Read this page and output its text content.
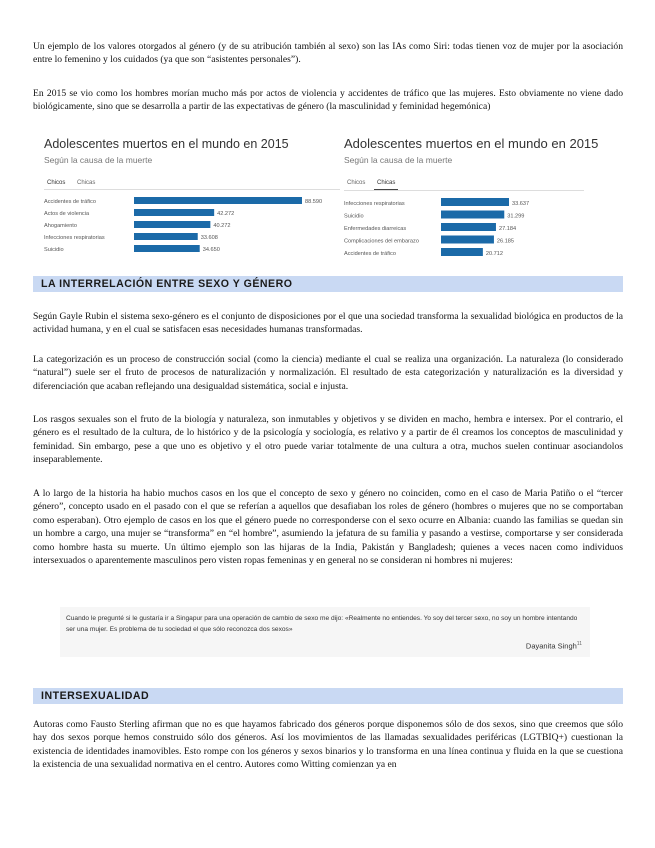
Un ejemplo de los valores otorgados al género (y de su atribución también al sexo) son las IAs como Siri: todas tienen voz de mujer por la asociación entre lo femenino y los cuidados (ya que son “asistentes personales”).

En 2015 se vio como los hombres morían mucho más por actos de violencia y accidentes de tráfico que las mujeres. Esto obviamente no viene dado biológicamente, sino que se desarrolla a partir de las expectativas de género (la masculinidad y feminidad hegemónica)

Adolescentes muertos en el mundo en 2015
Según la causa de la muerte
Chicos Chicas
Accidentes de tráfico	88.590
Actos de violencia	42.272
Ahogamiento	40.272
Infecciones respiratorias	33.608
Suicidio	34.650
Adolescentes muertos en el mundo en 2015
Según la causa de la muerte
Chicos Chicas
Infecciones respiratorias	33.637
Suicidio	31.299
Enfermedades diarreicas	27.184
Complicaciones del embarazo	26.185
Accidentes de tráfico	20.712
LA INTERRELACIÓN ENTRE SEXO Y GÉNERO

Según Gayle Rubin el sistema sexo-género es el conjunto de disposiciones por el que una sociedad transforma la sexualidad biológica en productos de la actividad humana, y en el cual se satisfacen esas necesidades humanas transformadas.

La categorización es un proceso de construcción social (como la ciencia) mediante el cual se realiza una organización. La naturaleza (lo considerado “natural”) suele ser el fruto de procesos de naturalización y normalización. El resultado de esta categorización y naturalización es la diversidad y diferenciación que acaban reflejando una desigualdad sistemática, social e injusta.

Los rasgos sexuales son el fruto de la biología y naturaleza, son inmutables y objetivos y se dividen en macho, hembra e intersex. Por el contrario, el género es el resultado de la cultura, de lo histórico y de la psicología y sociología, es relativo y a partir de él creamos los conceptos de masculinidad y feminidad. Sin embargo, pese a que uno es objetivo y el otro puede variar totalmente de una cultura a otra, muchos suelen continuar asociandolos inseparablemente.

A lo largo de la historia ha habio muchos casos en los que el concepto de sexo y género no coinciden, como en el caso de Maria Patiño o el “tercer género”, concepto usado en el pasado con el que se referían a aquellos que desafiaban los roles de género (hombres o mujeres que no se comportaban como esperaban). Otro ejemplo de casos en los que el género puede no corresponderse con el sexo ocurre en Albania: cuando las familias se quedan sin un hombre a cargo, una mujer se “transforma” en “el hombre”, asumiendo la jefatura de su familia y pasando a vestirse, comportarse y ser considerada como hombre hasta su muerte. Un último ejemplo son las hijaras de la India, Pakistán y Bangladesh; quienes a veces nacen como individuos intersexuados o aparentemente masculinos pero visten ropas femeninas y en general no se consideran ni hombres ni mujeres:

Cuando le pregunté si le gustaría ir a Singapur para una operación de cambio de sexo me dijo: «Realmente no entiendes. Yo soy del tercer sexo, no soy un hombre intentando ser una mujer. Es problema de tu sociedad el que sólo reconozca dos sexos»
Dayanita Singh$^{11}$
INTERSEXUALIDAD

Autoras como Fausto Sterling afirman que no es que hayamos fabricado dos géneros porque disponemos sólo de dos sexos, sino que creemos que sólo hay dos sexos porque hemos construido sólo dos géneros. Así los movimientos de las llamadas sexualidades periféricas (LGTBIQ+) cuestionan la existencia de identidades inamovibles. Esto rompe con los géneros y sexos binarios y lo transforma en una línea continua y fluida en la que se cuestiona la existencia de una sexualidad normativa en el centro. Autores como Witting comienzan ya en
